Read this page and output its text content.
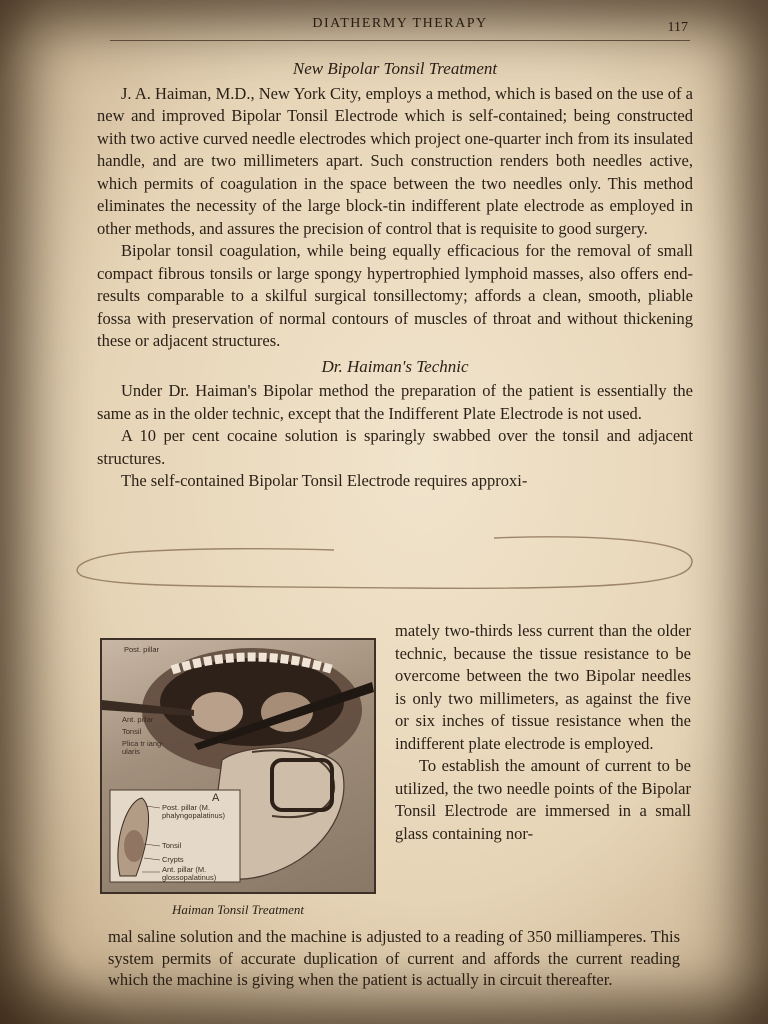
DIATHERMY THERAPY	117

New Bipolar Tonsil Treatment

J. A. Haiman, M.D., New York City, employs a method, which is based on the use of a new and improved Bipolar Tonsil Electrode which is self-contained; being constructed with two active curved needle electrodes which project one-quarter inch from its insulated handle, and are two millimeters apart. Such construction renders both needles active, which permits of coagulation in the space between the two needles only. This method eliminates the necessity of the large block-tin indifferent plate electrode as employed in other methods, and assures the precision of control that is requisite to good surgery.

Bipolar tonsil coagulation, while being equally efficacious for the removal of small compact fibrous tonsils or large spongy hypertrophied lymphoid masses, also offers end-results comparable to a skilful surgical tonsillectomy; affords a clean, smooth, pliable fossa with preservation of normal contours of muscles of throat and without thickening these or adjacent structures.

Dr. Haiman's Technic

Under Dr. Haiman's Bipolar method the preparation of the patient is essentially the same as in the older technic, except that the Indifferent Plate Electrode is not used.

A 10 per cent cocaine solution is sparingly swabbed over the tonsil and adjacent structures.

The self-contained Bipolar Tonsil Electrode requires approxi-

Post. pillar
Ant. pillar
Tonsil
Plica tr iang-ularis
A
Post. pillar (M. phalyngopalatinus)
Tonsil
Crypts
Ant. pillar (M. glossopalatinus)
Haiman Tonsil Treatment

mately two-thirds less current than the older technic, because the tissue resistance to be overcome between the two Bipolar needles is only two millimeters, as against the five or six inches of tissue resistance when the indifferent plate electrode is employed.

To establish the amount of current to be utilized, the two needle points of the Bipolar Tonsil Electrode are immersed in a small glass containing nor-

mal saline solution and the machine is adjusted to a reading of 350 milliamperes. This system permits of accurate duplication of current and affords the current reading which the machine is giving when the patient is actually in circuit thereafter.
